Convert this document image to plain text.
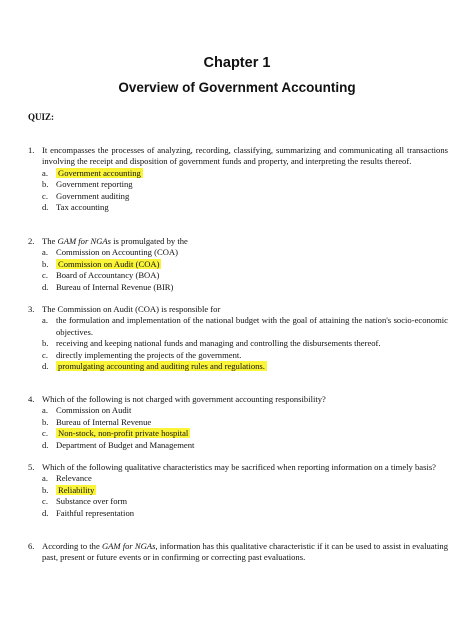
Chapter 1
Overview of Government Accounting
QUIZ:
1. It encompasses the processes of analyzing, recording, classifying, summarizing and communicating all transactions involving the receipt and disposition of government funds and property, and interpreting the results thereof.
a. Government accounting
b. Government reporting
c. Government auditing
d. Tax accounting
2. The GAM for NGAs is promulgated by the
a. Commission on Accounting (COA)
b. Commission on Audit (COA)
c. Board of Accountancy (BOA)
d. Bureau of Internal Revenue (BIR)
3. The Commission on Audit (COA) is responsible for
a. the formulation and implementation of the national budget with the goal of attaining the nation's socio-economic objectives.
b. receiving and keeping national funds and managing and controlling the disbursements thereof.
c. directly implementing the projects of the government.
d. promulgating accounting and auditing rules and regulations.
4. Which of the following is not charged with government accounting responsibility?
a. Commission on Audit
b. Bureau of Internal Revenue
c. Non-stock, non-profit private hospital
d. Department of Budget and Management
5. Which of the following qualitative characteristics may be sacrificed when reporting information on a timely basis?
a. Relevance
b. Reliability
c. Substance over form
d. Faithful representation
6. According to the GAM for NGAs, information has this qualitative characteristic if it can be used to assist in evaluating past, present or future events or in confirming or correcting past evaluations.
